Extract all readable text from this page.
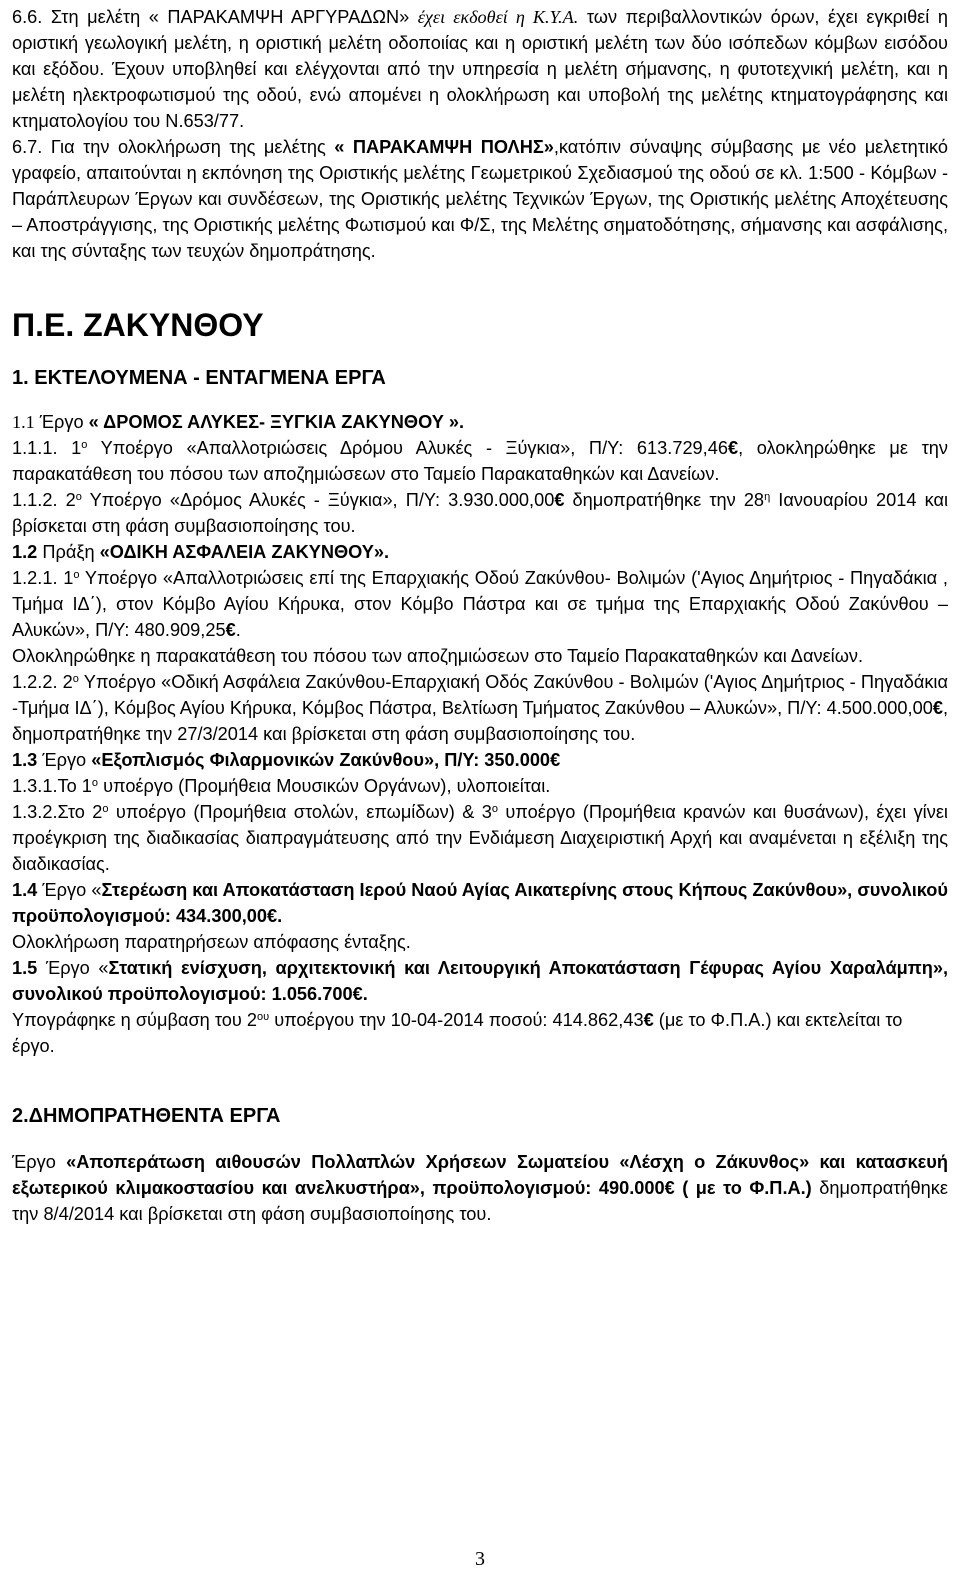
6.6. Στη μελέτη « ΠΑΡΑΚΑΜΨΗ ΑΡΓΥΡΑΔΩΝ» έχει εκδοθεί η Κ.Υ.Α. των περιβαλλοντικών όρων, έχει εγκριθεί η οριστική γεωλογική μελέτη, η οριστική μελέτη οδοποιίας και η οριστική μελέτη των δύο ισόπεδων κόμβων εισόδου και εξόδου. Έχουν υποβληθεί και ελέγχονται από την υπηρεσία η μελέτη σήμανσης, η φυτοτεχνική μελέτη, και η μελέτη ηλεκτροφωτισμού της οδού, ενώ απομένει η ολοκλήρωση και υποβολή της μελέτης κτηματογράφησης και κτηματολογίου του Ν.653/77.

6.7. Για την ολοκλήρωση της μελέτης « ΠΑΡΑΚΑΜΨΗ ΠΟΛΗΣ»,κατόπιν σύναψης σύμβασης με νέο μελετητικό γραφείο, απαιτούνται η εκπόνηση της Οριστικής μελέτης Γεωμετρικού Σχεδιασμού της οδού σε κλ. 1:500 - Κόμβων - Παράπλευρων Έργων και συνδέσεων, της Οριστικής μελέτης Τεχνικών Έργων, της Οριστικής μελέτης Αποχέτευσης – Αποστράγγισης, της Οριστικής μελέτης Φωτισμού και Φ/Σ, της Μελέτης σηματοδότησης, σήμανσης και ασφάλισης, και της σύνταξης των τευχών δημοπράτησης.

Π.Ε. ΖΑΚΥΝΘΟΥ

1. ΕΚΤΕΛΟΥΜΕΝΑ - ΕΝΤΑΓΜΕΝΑ ΕΡΓΑ

1.1 Έργο « ΔΡΟΜΟΣ ΑΛΥΚΕΣ- ΞΥΓΚΙΑ ΖΑΚΥΝΘΟΥ ».

1.1.1. $1^o$ Υποέργο «Απαλλοτριώσεις Δρόμου Αλυκές - Ξύγκια», Π/Υ: 613.729,46€, ολοκληρώθηκε με την παρακατάθεση του πόσου των αποζημιώσεων στο Ταμείο Παρακαταθηκών και Δανείων.

1.1.2. $2^o$ Υποέργο «Δρόμος Αλυκές - Ξύγκια», Π/Υ: 3.930.000,00€ δημοπρατήθηκε την $28^\eta$ Ιανουαρίου 2014 και βρίσκεται στη φάση συμβασιοποίησης του.

1.2 Πράξη «ΟΔΙΚΗ ΑΣΦΑΛΕΙΑ ΖΑΚΥΝΘΟΥ».

1.2.1. $1^o$ Υποέργο «Απαλλοτριώσεις επί της Επαρχιακής Οδού Ζακύνθου- Βολιμών ('Αγιος Δημήτριος - Πηγαδάκια , Τμήμα ΙΔ΄), στον Κόμβο Αγίου Κήρυκα, στον Κόμβο Πάστρα και σε τμήμα της Επαρχιακής Οδού Ζακύνθου – Αλυκών», Π/Υ: 480.909,25€.

Ολοκληρώθηκε η παρακατάθεση του πόσου των αποζημιώσεων στο Ταμείο Παρακαταθηκών και Δανείων.

1.2.2. $2^o$ Υποέργο «Οδική Ασφάλεια Ζακύνθου-Επαρχιακή Οδός Ζακύνθου - Βολιμών ('Αγιος Δημήτριος - Πηγαδάκια -Τμήμα ΙΔ΄), Κόμβος Αγίου Κήρυκα, Κόμβος Πάστρα, Βελτίωση Τμήματος Ζακύνθου – Αλυκών», Π/Υ: 4.500.000,00€, δημοπρατήθηκε την 27/3/2014 και βρίσκεται στη φάση συμβασιοποίησης του.

1.3 Έργο «Εξοπλισμός Φιλαρμονικών Ζακύνθου», Π/Υ: 350.000€

1.3.1.Το $1^o$ υποέργο (Προμήθεια Μουσικών Οργάνων), υλοποιείται.

1.3.2.Στο $2^o$ υποέργο (Προμήθεια στολών, επωμίδων) & $3^o$ υποέργο (Προμήθεια κρανών και θυσάνων), έχει γίνει προέγκριση της διαδικασίας διαπραγμάτευσης από την Ενδιάμεση Διαχειριστική Αρχή και αναμένεται η εξέλιξη της διαδικασίας.

1.4 Έργο «Στερέωση και Αποκατάσταση Ιερού Ναού Αγίας Αικατερίνης στους Κήπους Ζακύνθου», συνολικού προϋπολογισμού: 434.300,00€.

Ολοκλήρωση παρατηρήσεων απόφασης ένταξης.

1.5 Έργο «Στατική ενίσχυση, αρχιτεκτονική και Λειτουργική Αποκατάσταση Γέφυρας Αγίου Χαραλάμπη», συνολικού προϋπολογισμού: 1.056.700€.

Υπογράφηκε η σύμβαση του $2^{o\upsilon}$ υποέργου την 10-04-2014 ποσού: 414.862,43€ (με το Φ.Π.Α.) και εκτελείται το έργο.

2.ΔΗΜΟΠΡΑΤΗΘΕΝΤΑ ΕΡΓΑ

Έργο «Αποπεράτωση αιθουσών Πολλαπλών Χρήσεων Σωματείου «Λέσχη ο Ζάκυνθος» και κατασκευή εξωτερικού κλιμακοστασίου και ανελκυστήρα», προϋπολογισμού: 490.000€ ( με το Φ.Π.Α.) δημοπρατήθηκε την 8/4/2014 και βρίσκεται στη φάση συμβασιοποίησης του.

3
